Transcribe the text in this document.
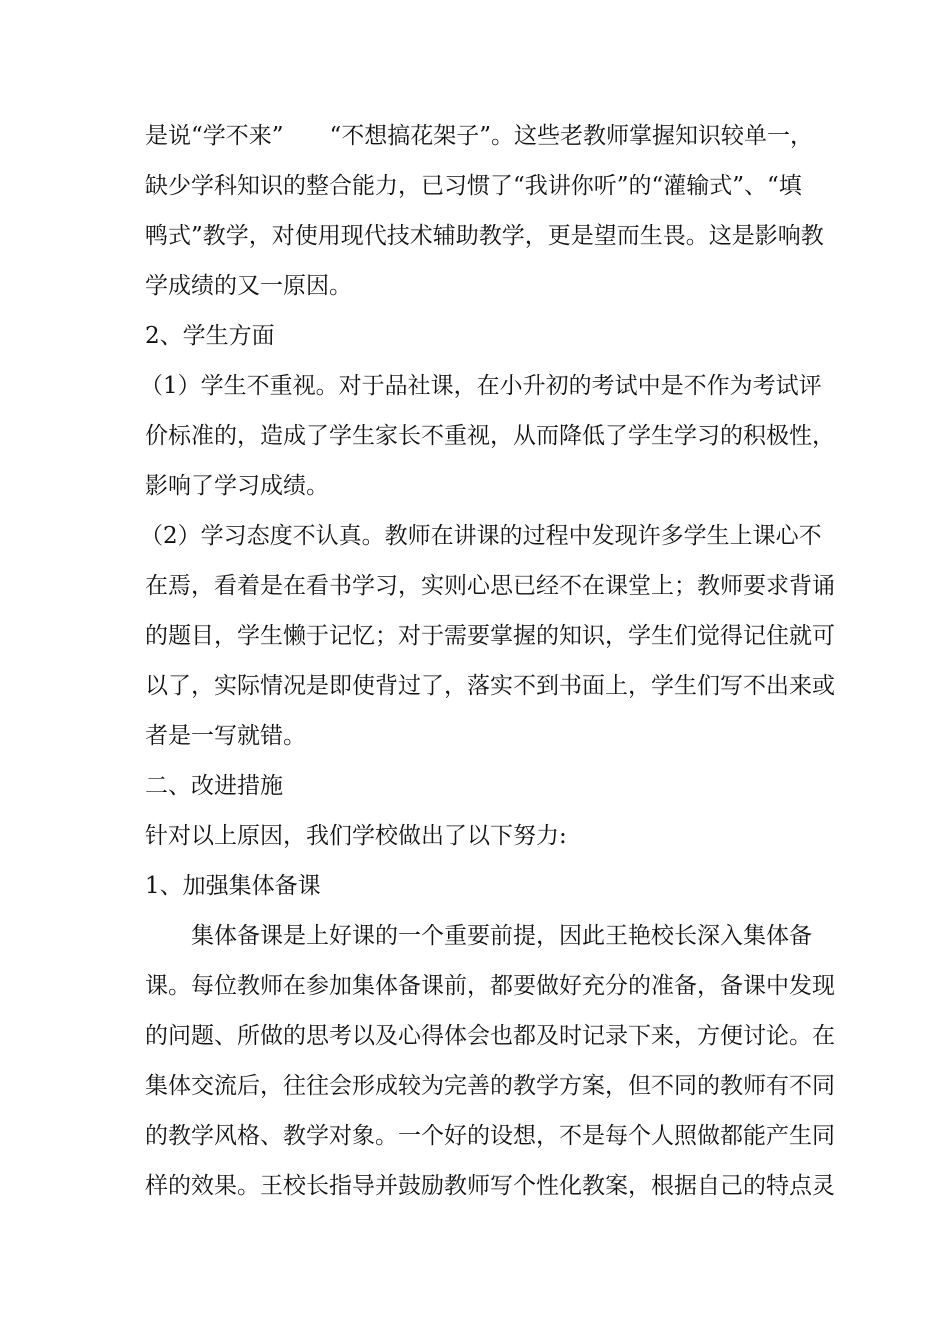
是说“学不来”　　“不想搞花架子”。这些老教师掌握知识较单一，
缺少学科知识的整合能力，已习惯了“我讲你听”的“灌输式”、“填
鸭式”教学，对使用现代技术辅助教学，更是望而生畏。这是影响教
学成绩的又一原因。
2、学生方面
（1）学生不重视。对于品社课，在小升初的考试中是不作为考试评
价标准的，造成了学生家长不重视，从而降低了学生学习的积极性，
影响了学习成绩。
（2）学习态度不认真。教师在讲课的过程中发现许多学生上课心不
在焉，看着是在看书学习，实则心思已经不在课堂上；教师要求背诵
的题目，学生懒于记忆；对于需要掌握的知识，学生们觉得记住就可
以了，实际情况是即使背过了，落实不到书面上，学生们写不出来或
者是一写就错。
二、改进措施
针对以上原因，我们学校做出了以下努力:
1、加强集体备课
　　集体备课是上好课的一个重要前提，因此王艳校长深入集体备
课。每位教师在参加集体备课前，都要做好充分的准备，备课中发现
的问题、所做的思考以及心得体会也都及时记录下来，方便讨论。在
集体交流后，往往会形成较为完善的教学方案，但不同的教师有不同
的教学风格、教学对象。一个好的设想，不是每个人照做都能产生同
样的效果。王校长指导并鼓励教师写个性化教案，根据自己的特点灵
